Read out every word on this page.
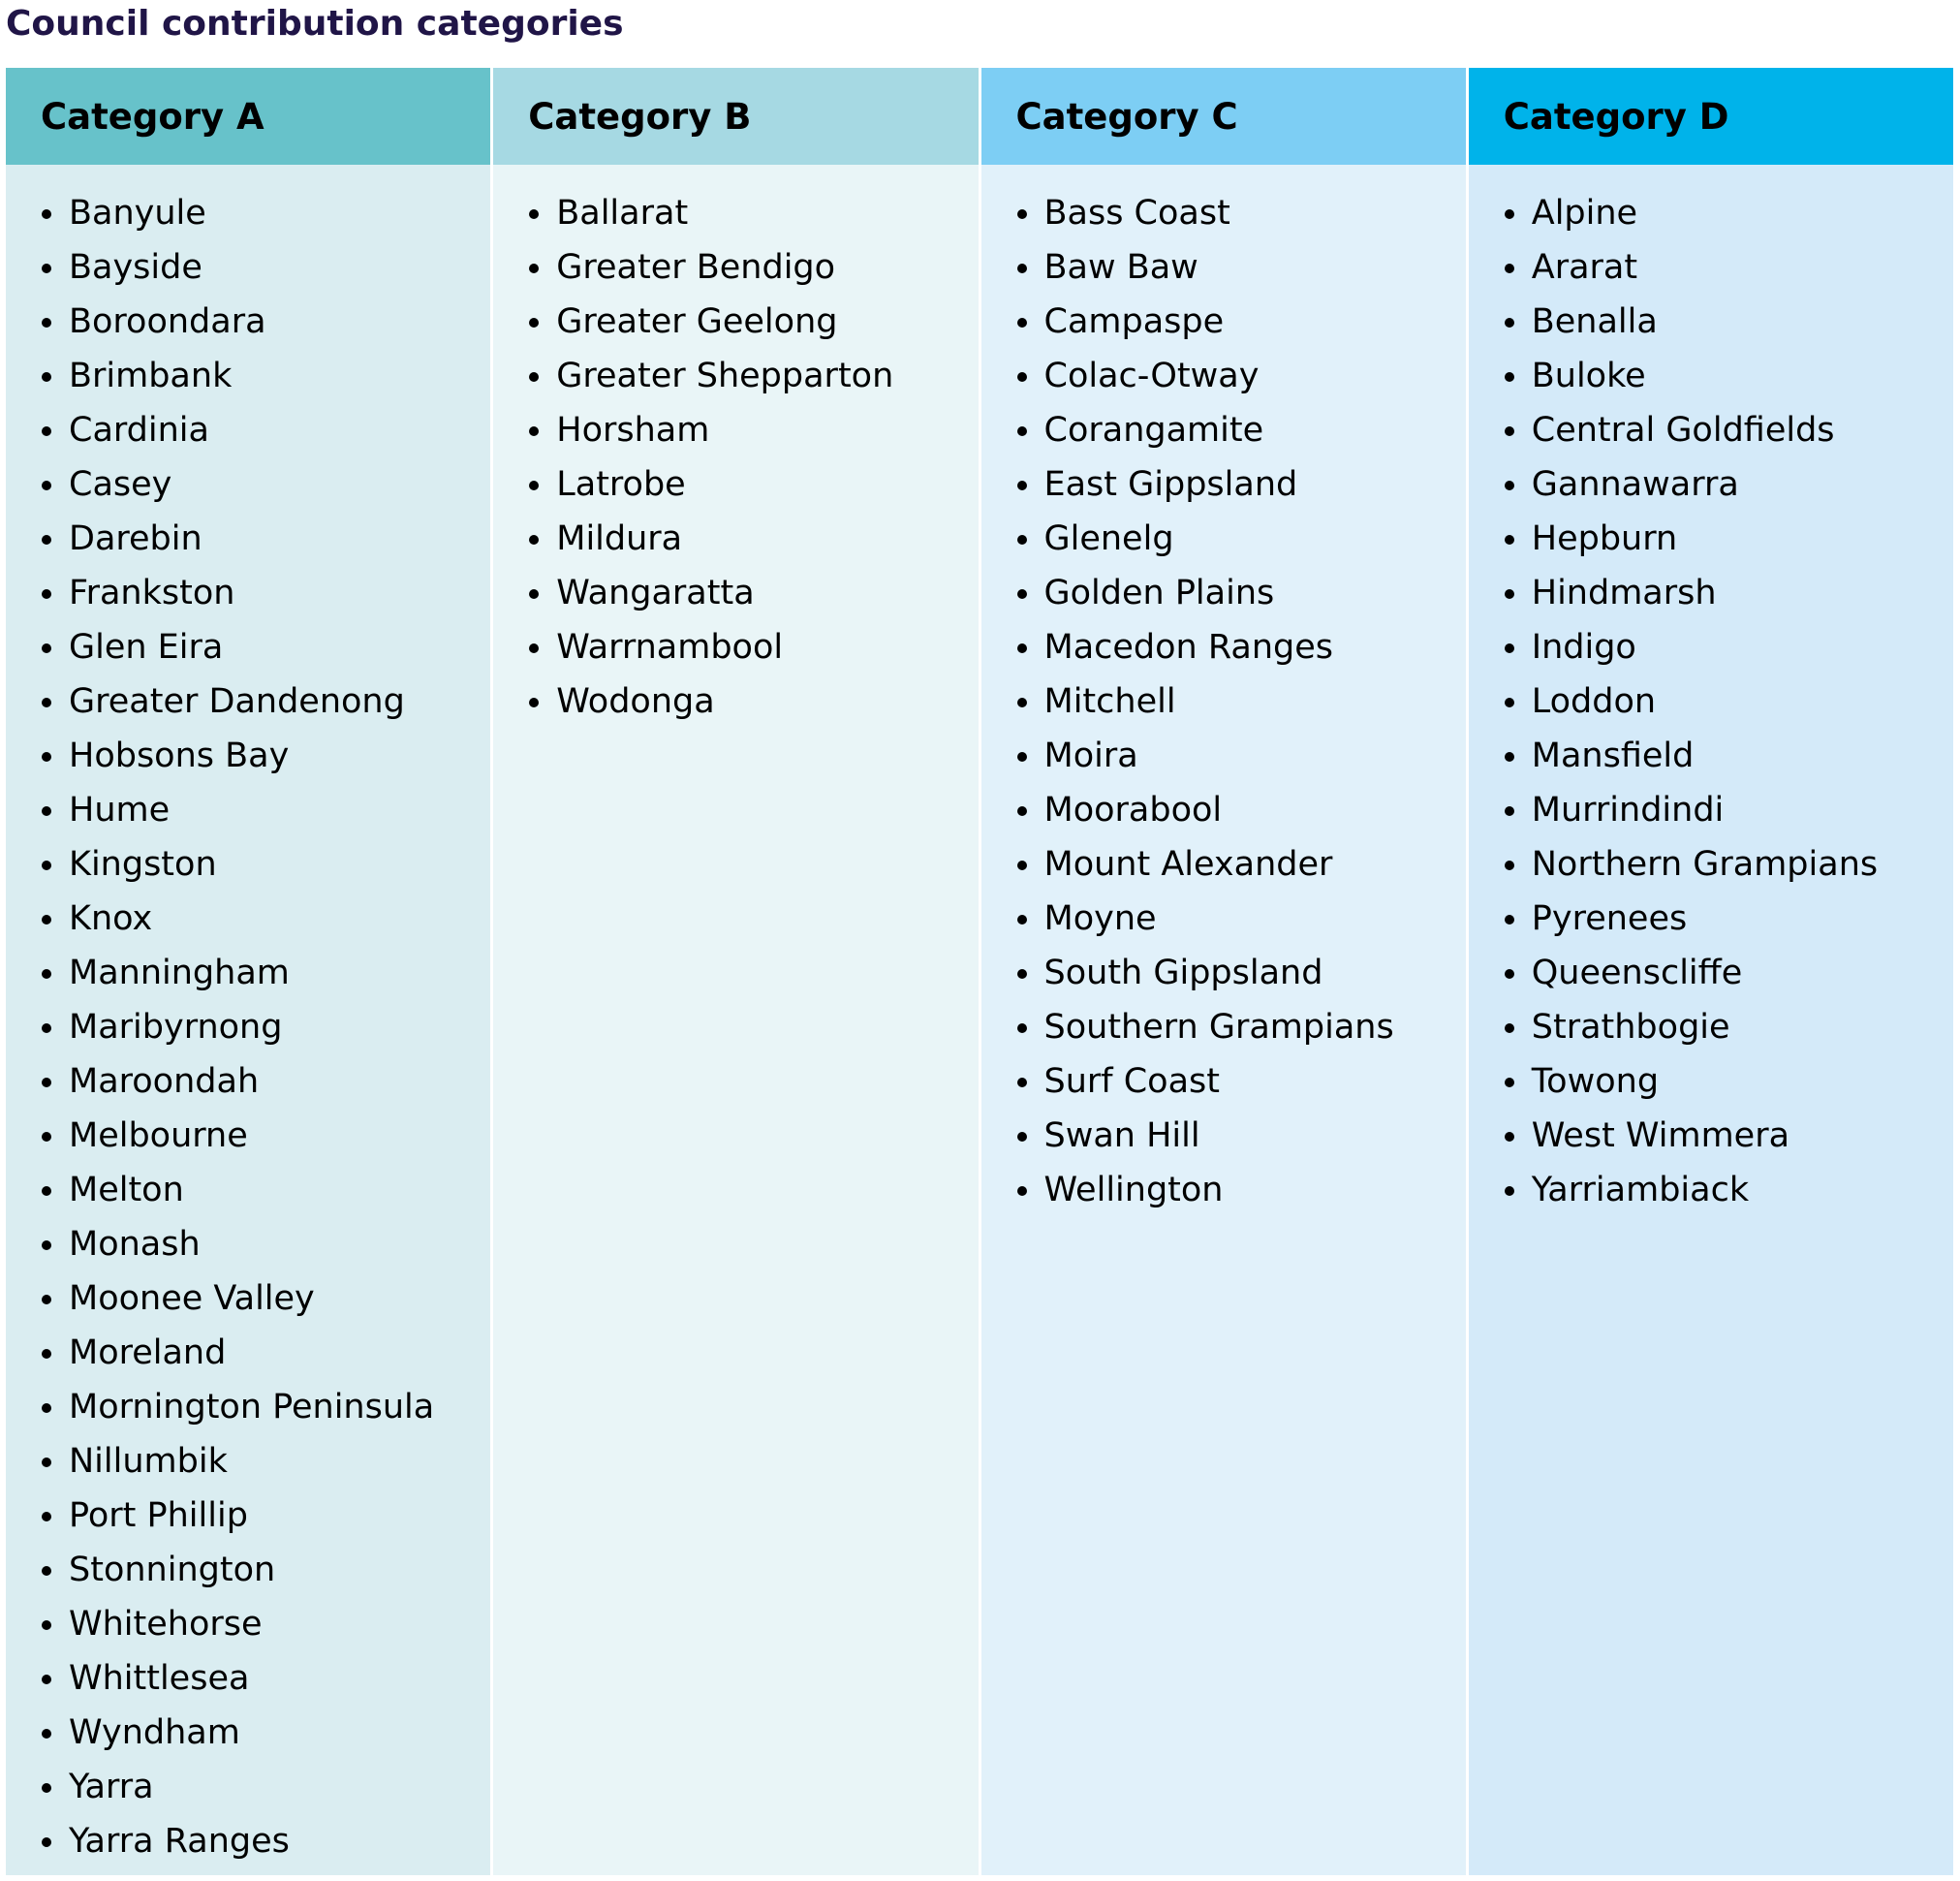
Council contribution categories
Category A
Banyule
Bayside
Boroondara
Brimbank
Cardinia
Casey
Darebin
Frankston
Glen Eira
Greater Dandenong
Hobsons Bay
Hume
Kingston
Knox
Manningham
Maribyrnong
Maroondah
Melbourne
Melton
Monash
Moonee Valley
Moreland
Mornington Peninsula
Nillumbik
Port Phillip
Stonnington
Whitehorse
Whittlesea
Wyndham
Yarra
Yarra Ranges
Category B
Ballarat
Greater Bendigo
Greater Geelong
Greater Shepparton
Horsham
Latrobe
Mildura
Wangaratta
Warrnambool
Wodonga
Category C
Bass Coast
Baw Baw
Campaspe
Colac-Otway
Corangamite
East Gippsland
Glenelg
Golden Plains
Macedon Ranges
Mitchell
Moira
Moorabool
Mount Alexander
Moyne
South Gippsland
Southern Grampians
Surf Coast
Swan Hill
Wellington
Category D
Alpine
Ararat
Benalla
Buloke
Central Goldfields
Gannawarra
Hepburn
Hindmarsh
Indigo
Loddon
Mansfield
Murrindindi
Northern Grampians
Pyrenees
Queenscliffe
Strathbogie
Towong
West Wimmera
Yarriambiack
